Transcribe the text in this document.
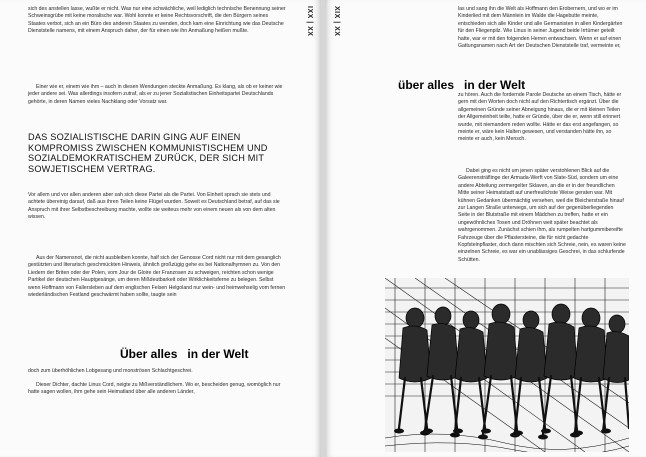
IXX | XX

sich des anstellen lasse, wußte er nicht. Was nur eine schwächliche, weil lediglich technische Benennung seiner Schweinsgrübe mit keine moralische war. Wohl konnte er keine Rechtsvorschrift, die den Bürgern seines Staates verbot, sich an ein Büro des anderen Staates zu wenden, doch kam eine Einrichtung wie das Deutsche Dienststelle namens, mit einem Anspruch daher, der für einen wie ihn Anmaßung heißen mußte.

Einer wie er, einem wie ihm – auch in diesen Wendungen steckte Anmaßung. Es klang, als ob er keiner wie jeder andere sei. Was allerdings insofern zutraf, als er zu jener Sozialistischen Einheitspartei Deutschlands gehörte, in deren Namen vieles Nachklang oder Vorsatz war.

DAS SOZIALISTISCHE DARIN GING AUF EINEN KOMPROMISS ZWISCHEN KOMMUNISTISCHEM UND SOZIALDEMOKRATISCHEM ZURÜCK, DER SICH MIT SOWJETISCHEM VERTRAG.

Vor allem und vor allen anderen aber sah sich diese Partei als die Partei. Von Einheit sprach sie stets und achtete übereinig darauf, daß aus ihren Teilen keine Flügel wurden. Soweit es Deutschland betraf, auf das sie Anspruch mit ihrer Selbstbeschreibung machte, wollte sie weiteus mehr von einem neuen als von dem alten wissen.

Aus der Namensnot, die nicht ausbleiben konnte, half sich der Genosse Cord nicht nur mit dem gesanglich gestützten und literarisch geschmückten Hinweis, ähnlich großzügig gehe es bei Nationalhymnen zu. Von den Liedern der Briten oder der Polen, vom Jour de Gloire der Franzosen zu schweigen, reichten schon wenige Partikel der deutschen Hauptgesänge, um deren Mißdeutbarkeit oder Wirklichkeitsferne zu belegen. Selbst wenn Hoffmann von Fallersleben auf dem englischen Felsen Helgoland nur wein- und heimwehselig vom fernen wiederländischen Festland geschwärmt haben sollte, taugte sein

Über alles in der Welt

doch zum überhöhlichen Lobgesang und monströsen Schlachtgeschrei.

Dieser Dichter, dachte Linus Cord, neigte zu Mißverständlichem. Wo er, bescheiden genug, womöglich nur hatte sagen wollen, ihm gehe sein Heimatland über alle anderen Länder,

XIX | XX	las und sang ihn die Welt als Hoffmann den Erobernern, und wo er im Kinderlied mit dem Männlein im Walde die Hagebutte meinte, entschieden sich alle Kinder und alle Germanisten in allen Kindergärten für den Fliegenpilz. Wie Linus in seiner Jugend beide Irrtümer geteilt hatte, war er mit den folgenden Herren entwachsen. Wenn er auf einen Gattungsnamen nach Art der Deutschen Dienststelle traf, vermeinte er,

über alles in der Welt

zu hören. Auch die fordernde Parole Deutsche an einem Tisch, hätte er gern mit den Worten doch nicht auf den Richtertisch ergänzt. Über die allgemeinen Gründe seiner Abneigung hinaus, die er mit kleinen Teilen der Allgemeinheit teilte, hatte er Gründe, über die er, wenn still erinnert wurde, mit niemandem reden wollte. Hätte er das erst angefangen, so meinte er, wäre kein Halten gewesen, und verstanden hätte ihn, so meinte er auch, kein Mensch.

Dabei ging es nicht um jenen später verstohlenen Blick auf die Galeerensträflinge der Armada-Werft von Slate-Süd, sondern um eine andere Abteilung zermergelter Sklaven, an die er in der freundlichen Mitte seiner Heimatstadt auf unerfreulichste Weise geraten war. Mit kühnen Gedanken übermächtig versehen, weil die Bleicherstraße hinauf zur Langen Straße unterwegs, um sich auf der gegenüberliegenden Seite in der Blutstraße mit einem Mädchen zu treffen, hatte er ein ungewöhnliches Tosen und Dröhnen weit später beachtet als wahrgenommen. Zunächst schien ihm, als rumpelten hartgummibereifte Fahrzeuge über die Pflastersteine, die für nicht gedachte Kopfsteinpflaster, doch dann mischten sich Schreie, nein, es waren keine einzelnen Schreie, es war ein unablässiges Geschrei, in das schlurfende Schütten.
